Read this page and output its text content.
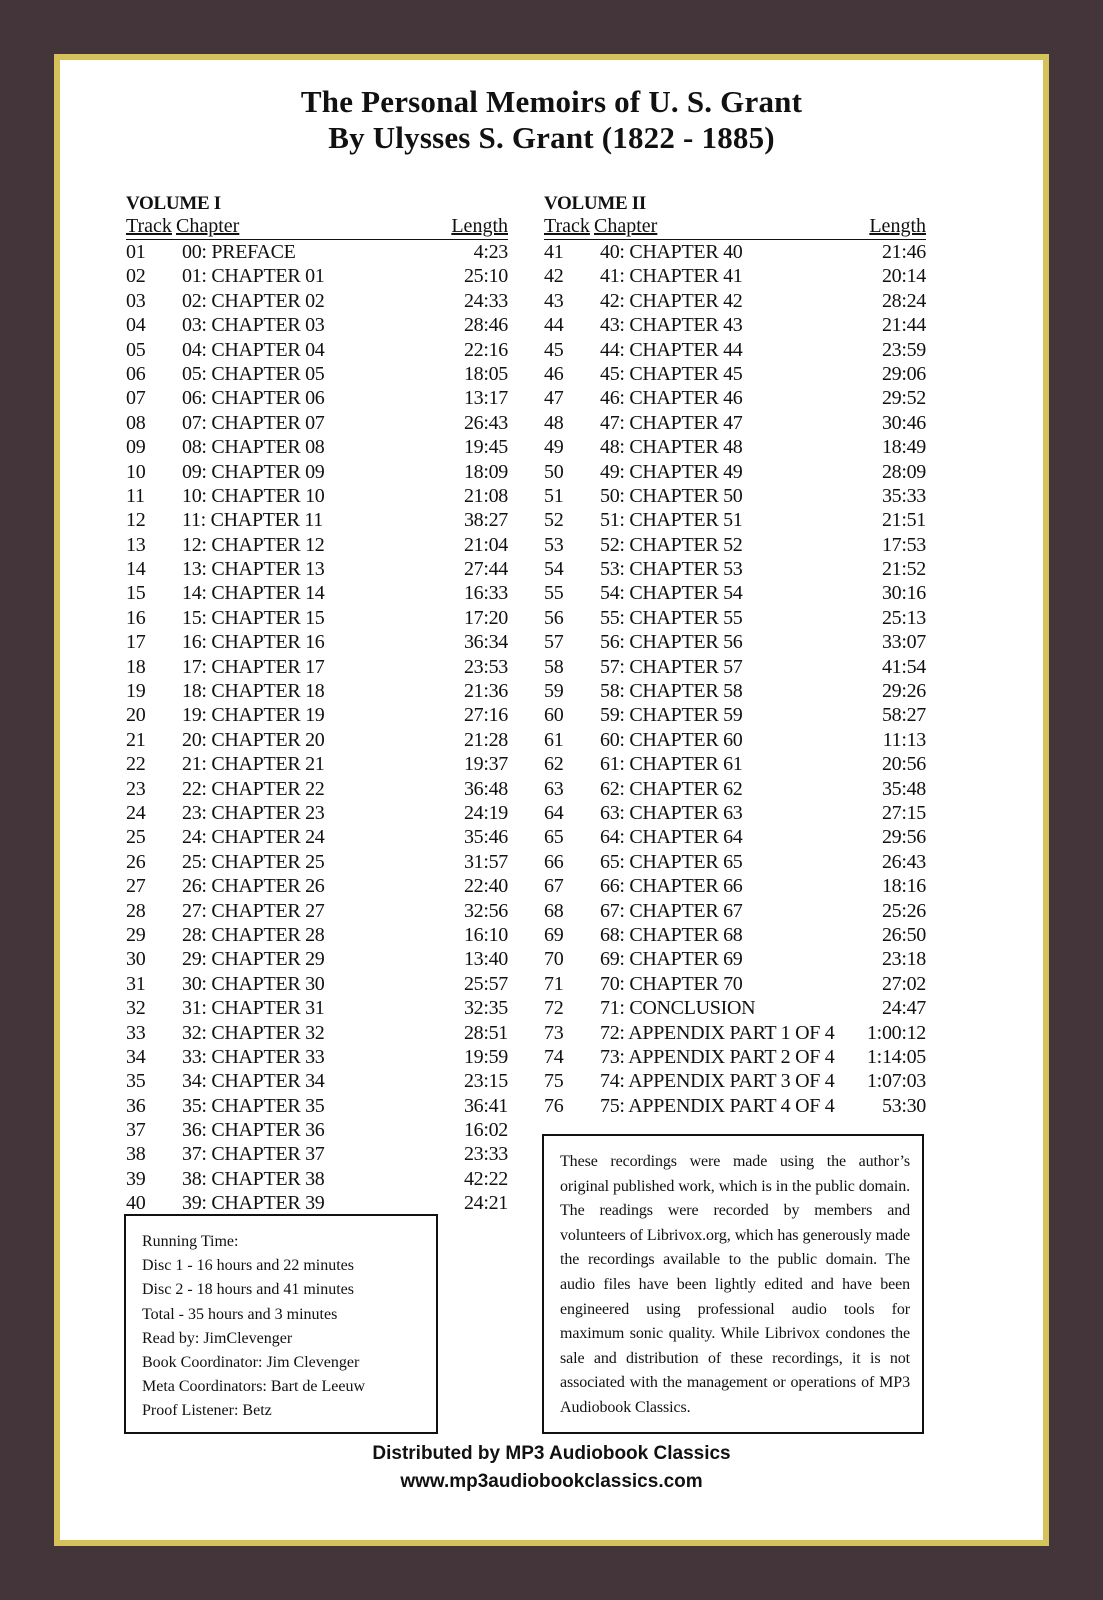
The Personal Memoirs of U. S. Grant
By Ulysses S. Grant (1822 - 1885)
VOLUME I
Track Chapter	Length
01 00: PREFACE	4:23
02 01: CHAPTER 01	25:10
03 02: CHAPTER 02	24:33
04 03: CHAPTER 03	28:46
05 04: CHAPTER 04	22:16
06 05: CHAPTER 05	18:05
07 06: CHAPTER 06	13:17
08 07: CHAPTER 07	26:43
09 08: CHAPTER 08	19:45
10 09: CHAPTER 09	18:09
11 10: CHAPTER 10	21:08
12 11: CHAPTER 11	38:27
13 12: CHAPTER 12	21:04
14 13: CHAPTER 13	27:44
15 14: CHAPTER 14	16:33
16 15: CHAPTER 15	17:20
17 16: CHAPTER 16	36:34
18 17: CHAPTER 17	23:53
19 18: CHAPTER 18	21:36
20 19: CHAPTER 19	27:16
21 20: CHAPTER 20	21:28
22 21: CHAPTER 21	19:37
23 22: CHAPTER 22	36:48
24 23: CHAPTER 23	24:19
25 24: CHAPTER 24	35:46
26 25: CHAPTER 25	31:57
27 26: CHAPTER 26	22:40
28 27: CHAPTER 27	32:56
29 28: CHAPTER 28	16:10
30 29: CHAPTER 29	13:40
31 30: CHAPTER 30	25:57
32 31: CHAPTER 31	32:35
33 32: CHAPTER 32	28:51
34 33: CHAPTER 33	19:59
35 34: CHAPTER 34	23:15
36 35: CHAPTER 35	36:41
37 36: CHAPTER 36	16:02
38 37: CHAPTER 37	23:33
39 38: CHAPTER 38	42:22
40 39: CHAPTER 39	24:21
VOLUME II
Track Chapter	Length
41 40: CHAPTER 40	21:46
42 41: CHAPTER 41	20:14
43 42: CHAPTER 42	28:24
44 43: CHAPTER 43	21:44
45 44: CHAPTER 44	23:59
46 45: CHAPTER 45	29:06
47 46: CHAPTER 46	29:52
48 47: CHAPTER 47	30:46
49 48: CHAPTER 48	18:49
50 49: CHAPTER 49	28:09
51 50: CHAPTER 50	35:33
52 51: CHAPTER 51	21:51
53 52: CHAPTER 52	17:53
54 53: CHAPTER 53	21:52
55 54: CHAPTER 54	30:16
56 55: CHAPTER 55	25:13
57 56: CHAPTER 56	33:07
58 57: CHAPTER 57	41:54
59 58: CHAPTER 58	29:26
60 59: CHAPTER 59	58:27
61 60: CHAPTER 60	11:13
62 61: CHAPTER 61	20:56
63 62: CHAPTER 62	35:48
64 63: CHAPTER 63	27:15
65 64: CHAPTER 64	29:56
66 65: CHAPTER 65	26:43
67 66: CHAPTER 66	18:16
68 67: CHAPTER 67	25:26
69 68: CHAPTER 68	26:50
70 69: CHAPTER 69	23:18
71 70: CHAPTER 70	27:02
72 71: CONCLUSION	24:47
73 72: APPENDIX PART 1 OF 4 1:00:12
74 73: APPENDIX PART 2 OF 4 1:14:05
75 74: APPENDIX PART 3 OF 4 1:07:03
76 75: APPENDIX PART 4 OF 4 53:30
Running Time:
Disc 1 - 16 hours and 22 minutes
Disc 2 - 18 hours and 41 minutes
Total - 35 hours and 3 minutes
Read by: JimClevenger
Book Coordinator: Jim Clevenger
Meta Coordinators: Bart de Leeuw
Proof Listener: Betz

These recordings were made using the author’s original published work, which is in the public domain. The readings were recorded by members and volunteers of Librivox.org, which has generously made the recordings available to the public domain. The audio files have been lightly edited and have been engineered using professional audio tools for maximum sonic quality. While Librivox condones the sale and distribution of these recordings, it is not associated with the management or operations of MP3 Audiobook Classics.

Distributed by MP3 Audiobook Classics
www.mp3audiobookclassics.com
